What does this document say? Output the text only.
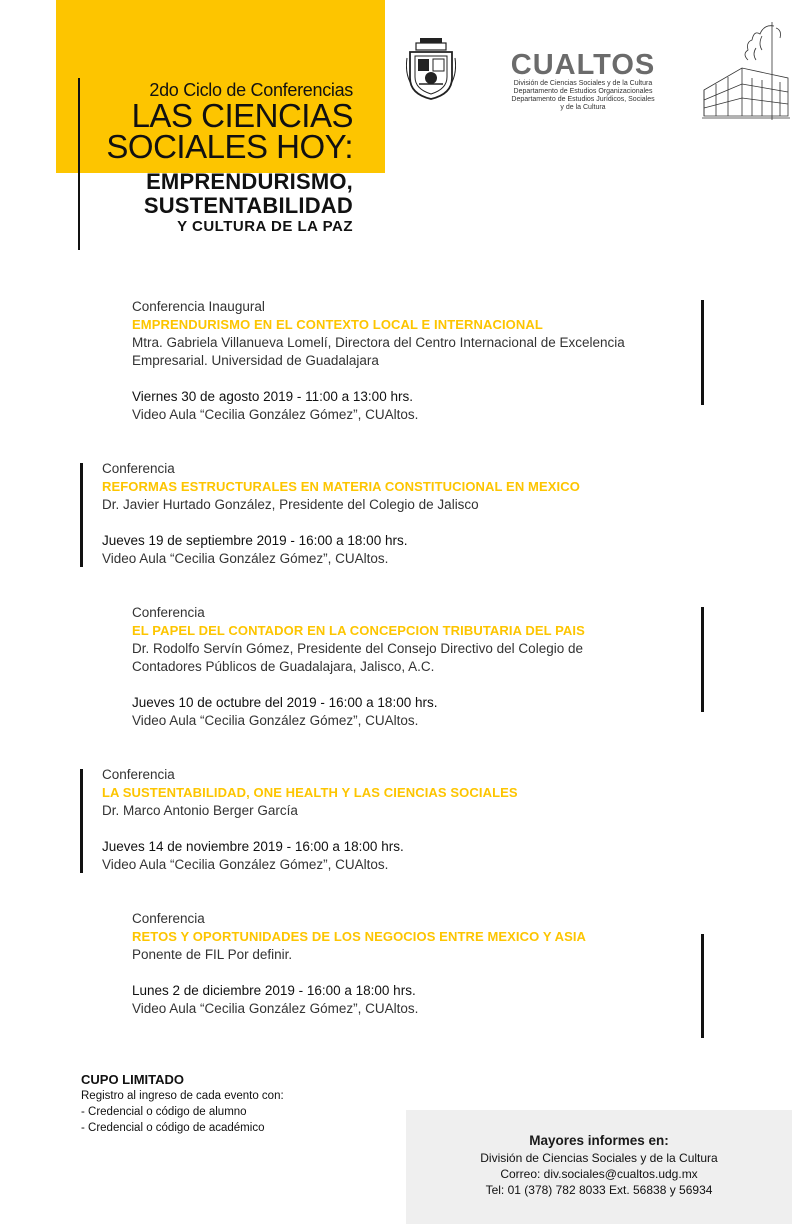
2do Ciclo de Conferencias
LAS CIENCIAS
SOCIALES HOY:
EMPRENDURISMO,
SUSTENTABILIDAD
Y CULTURA DE LA PAZ
CUALTOS
División de Ciencias Sociales y de la Cultura
Departamento de Estudios Organizacionales
Departamento de Estudios Jurídicos, Sociales
y de la Cultura
Conferencia Inaugural
EMPRENDURISMO EN EL CONTEXTO LOCAL E INTERNACIONAL
Mtra. Gabriela Villanueva Lomelí, Directora del Centro Internacional de Excelencia
Empresarial. Universidad de Guadalajara
Viernes 30 de agosto 2019 - 11:00 a 13:00 hrs.
Video Aula “Cecilia González Gómez”, CUAltos.
Conferencia
REFORMAS ESTRUCTURALES EN MATERIA CONSTITUCIONAL EN MEXICO
Dr. Javier Hurtado González, Presidente del Colegio de Jalisco
Jueves 19 de septiembre 2019 - 16:00 a 18:00 hrs.
Video Aula “Cecilia González Gómez”, CUAltos.
Conferencia
EL PAPEL DEL CONTADOR EN LA CONCEPCION TRIBUTARIA DEL PAIS
Dr. Rodolfo Servín Gómez, Presidente del Consejo Directivo del Colegio de
Contadores Públicos de Guadalajara, Jalisco, A.C.
Jueves 10 de octubre del 2019 - 16:00 a 18:00 hrs.
Video Aula “Cecilia González Gómez”, CUAltos.
Conferencia
LA SUSTENTABILIDAD, ONE HEALTH Y LAS CIENCIAS SOCIALES
Dr. Marco Antonio Berger García
Jueves 14 de noviembre 2019 - 16:00 a 18:00 hrs.
Video Aula “Cecilia González Gómez”, CUAltos.
Conferencia
RETOS Y OPORTUNIDADES DE LOS NEGOCIOS ENTRE MEXICO Y ASIA
Ponente de FIL Por definir.
Lunes 2 de diciembre 2019 - 16:00 a 18:00 hrs.
Video Aula “Cecilia González Gómez”, CUAltos.
CUPO LIMITADO
Registro al ingreso de cada evento con:
- Credencial o código de alumno
- Credencial o código de académico
Mayores informes en:
División de Ciencias Sociales y de la Cultura
Correo: div.sociales@cualtos.udg.mx
Tel: 01 (378) 782 8033 Ext. 56838 y 56934
